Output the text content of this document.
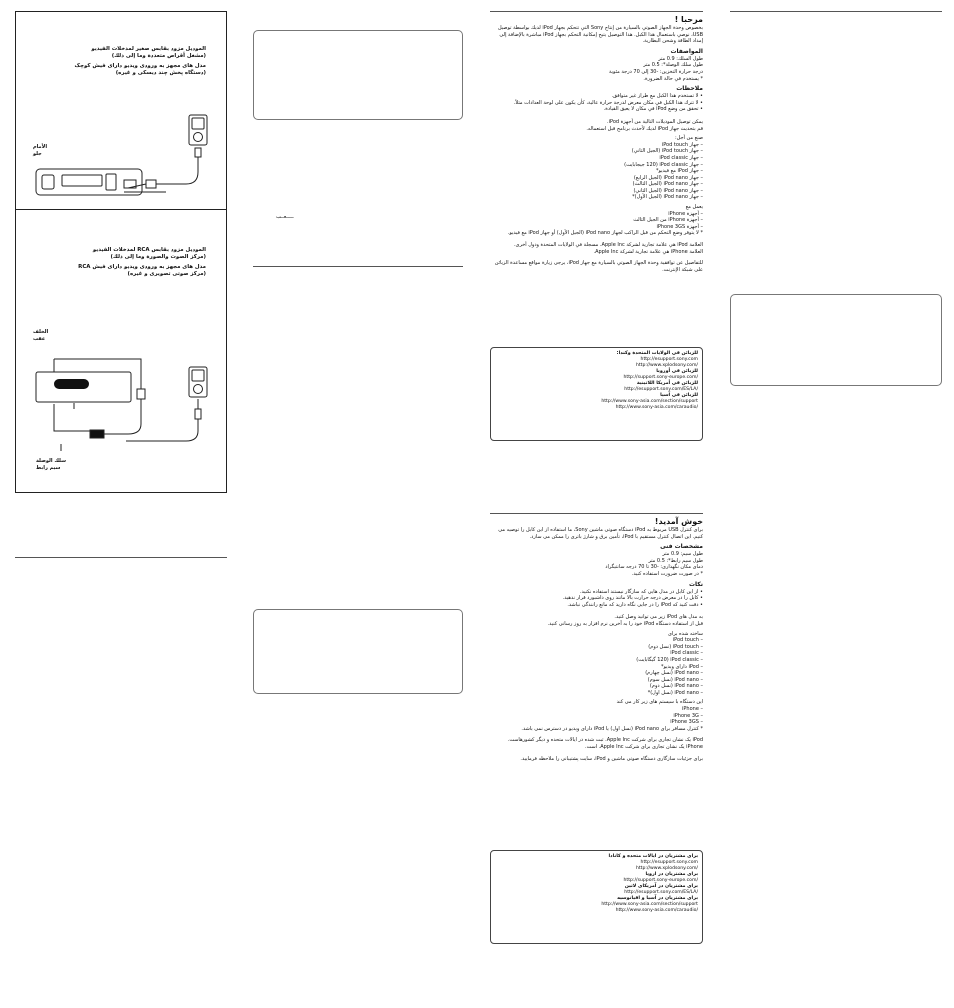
الموديل مزود بقابس صغير لمدخلات الفيديو
(مشغل أقراص متعددة وما إلى ذلك)
مدل های مجهز به ورودی ویدیو دارای فیش کوچک
(دستگاه پخش چند دیسکی و غیره)
الأمام
جلو
الموديل مزود بقابس RCA لمدخلات الفيديو
(مركز الصوت والصورة وما إلى ذلك)
مدل های مجهز به ورودی ویدیو دارای فیش RCA
(مرکز صوتی تصویری و غیره)
الخلف
عقب
سلك الوصلة
سیم رابط
ـــــعــب
مرحبا !
بخصوص وحدة الجهاز الصوتي بالسيارة من إنتاج Sony التي تتحكم بجهاز iPod لديك بواسطة توصيل USB، نوصي باستعمال هذا الكبل. هذا التوصيل يتيح إمكانية التحكم بجهاز iPod مباشرة بالإضافة إلى إمداد الطاقة وشحن البطارية.
المواصفات
طول السلك: 0.9 متر
طول سلك الوصلة*: 0.5 متر
درجة حرارة التخزين: -30 إلى 70 درجة مئوية
* يستخدم في حالة الضرورة.
ملاحظات
• لا تستخدم هذا الكبل مع طراز غير متوافق.
• لا تترك هذا الكبل في مكان معرض لدرجة حرارة عالية، كأن يكون على لوحة العدادات مثلاً.
• تحقق من وضع iPod في مكان لا يعيق القيادة.
يمكن توصيل الموديلات التالية من أجهزة iPod.
قم بتحديث جهاز iPod لديك لأحدث برنامج قبل استعماله.
صنع من أجل:
– جهاز iPod touch
– جهاز iPod touch (الجيل الثاني)
– جهاز iPod classic
– جهاز iPod classic (120 جيجابايت)
– جهاز iPod مع فيديو*
– جهاز iPod nano (الجيل الرابع)
– جهاز iPod nano (الجيل الثالث)
– جهاز iPod nano (الجيل الثاني)
– جهاز iPod nano (الجيل الأول)*
يعمل مع
– أجهزة iPhone
– أجهزة iPhone من الجيل الثالث
– أجهزة iPhone 3GS
* لا يتوفر وضع التحكم من قبل الراكب لجهاز iPod nano (الجيل الأول) أو جهاز iPod مع فيديو.
العلامة iPod هي علامة تجارية لشركة Apple Inc. مسجلة في الولايات المتحدة ودول أخرى.
العلامة iPhone هي علامة تجارية لشركة Apple Inc.
للتفاصيل عن توافقية وحدة الجهاز الصوتي بالسيارة مع جهاز iPod، يرجى زيارة مواقع مساعدة الزبائن على شبكة الإنترنت.
للزبائن في الولايات المتحدة وكندا:
http://esupport.sony.com
http://www.xplodsony.com/
للزبائن في أوروبا
http://support.sony-europe.com/
للزبائن في أمريكا اللاتينية
http://esupport.sony.com/ES/LA/
للزبائن في آسيا
http://www.sony-asia.com/section/support
http://www.sony-asia.com/caraudio/
خوش آمدید!
برای کنترل USB مربوط به iPod دستگاه صوتی ماشین Sony، ما استفاده از این کابل را توصیه می کنیم. این اتصال کنترل مستقیم با iPod، تأمین برق و شارژ باتری را ممکن می سازد.
مشخصات فنی
طول سیم: 0.9 متر
طول سیم رابط*: 0.5 متر
دمای مکان نگهداری: -30 تا 70 درجه سانتیگراد
* در صورت ضرورت استفاده کنید.
نکات
• از این کابل در مدل هایی که سازگار نیستند استفاده نکنید.
• کابل را در معرض درجه حرارت بالا مانند روی داشبورد قرار ندهید.
• دقت کنید که iPod را در جایی نگاه دارید که مانع رانندگی نباشد.
به مدل های iPod زیر می توانید وصل کنید.
قبل از استفاده دستگاه iPod خود را به آخرین نرم افزار به روز رسانی کنید.
ساخته شده برای
– iPod touch
– iPod touch (نسل دوم)
– iPod classic
– iPod classic (120 گیگابایت)
– iPod دارای ویدیو*
– iPod nano (نسل چهارم)
– iPod nano (نسل سوم)
– iPod nano (نسل دوم)
– iPod nano (نسل اول)*
این دستگاه با سیستم های زیر کار می کند
– iPhone
– iPhone 3G
– iPhone 3GS
* کنترل مسافر برای iPod nano (نسل اول) یا iPod دارای ویدیو در دسترس نمی باشد.
iPod یک نشان تجاری برای شرکت Apple Inc. ثبت شده در ایالات متحده و دیگر کشورهاست.
iPhone یک نشان تجاری برای شرکت Apple Inc. است.
برای جزئیات سازگاری دستگاه صوتی ماشین و iPod، سایت پشتیبانی را ملاحظه فرمایید.
برای مشتریان در ایالات متحده و کانادا
http://esupport.sony.com
http://www.xplodsony.com/
برای مشتریان در اروپا
http://support.sony-europe.com/
برای مشتریان در آمریکای لاتین
http://esupport.sony.com/ES/LA/
برای مشتریان در آسیا و اقیانوسیه
http://www.sony-asia.com/section/support
http://www.sony-asia.com/caraudio/
